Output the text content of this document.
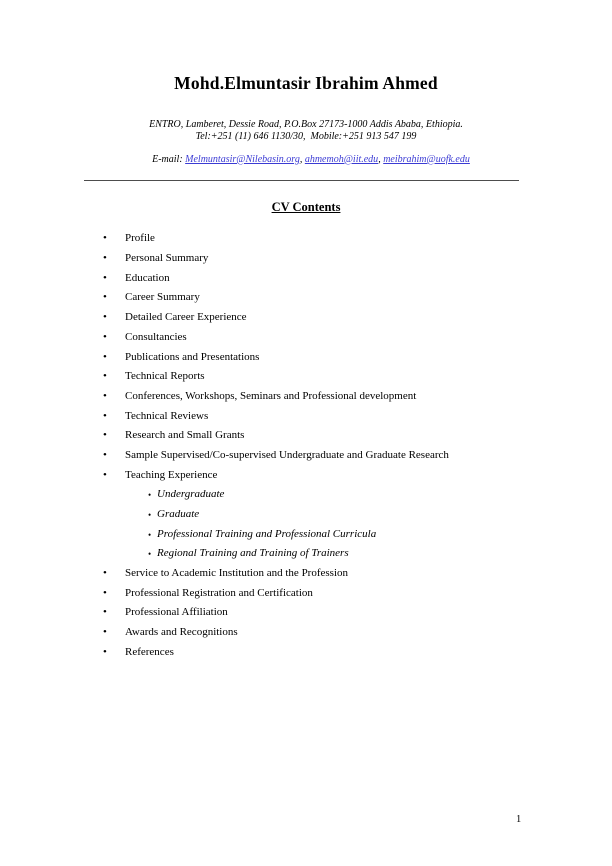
Mohd.Elmuntasir Ibrahim Ahmed
ENTRO, Lamberet, Dessie Road, P.O.Box 27173-1000 Addis Ababa, Ethiopia.
Tel:+251 (11) 646 1130/30,  Mobile:+251 913 547 199

E-mail: Melmuntasir@Nilebasin.org, ahmemoh@iit.edu, meibrahim@uofk.edu

CV Contents
• Profile
• Personal Summary
• Education
• Career Summary
• Detailed Career Experience
• Consultancies
• Publications and Presentations
• Technical Reports
• Conferences, Workshops, Seminars and Professional development
• Technical Reviews
• Research and Small Grants
• Sample Supervised/Co-supervised Undergraduate and Graduate Research
• Teaching Experience
• Undergraduate
• Graduate
• Professional Training and Professional Curricula
• Regional Training and Training of Trainers
• Service to Academic Institution and the Profession
• Professional Registration and Certification
• Professional Affiliation
• Awards and Recognitions
• References
1
